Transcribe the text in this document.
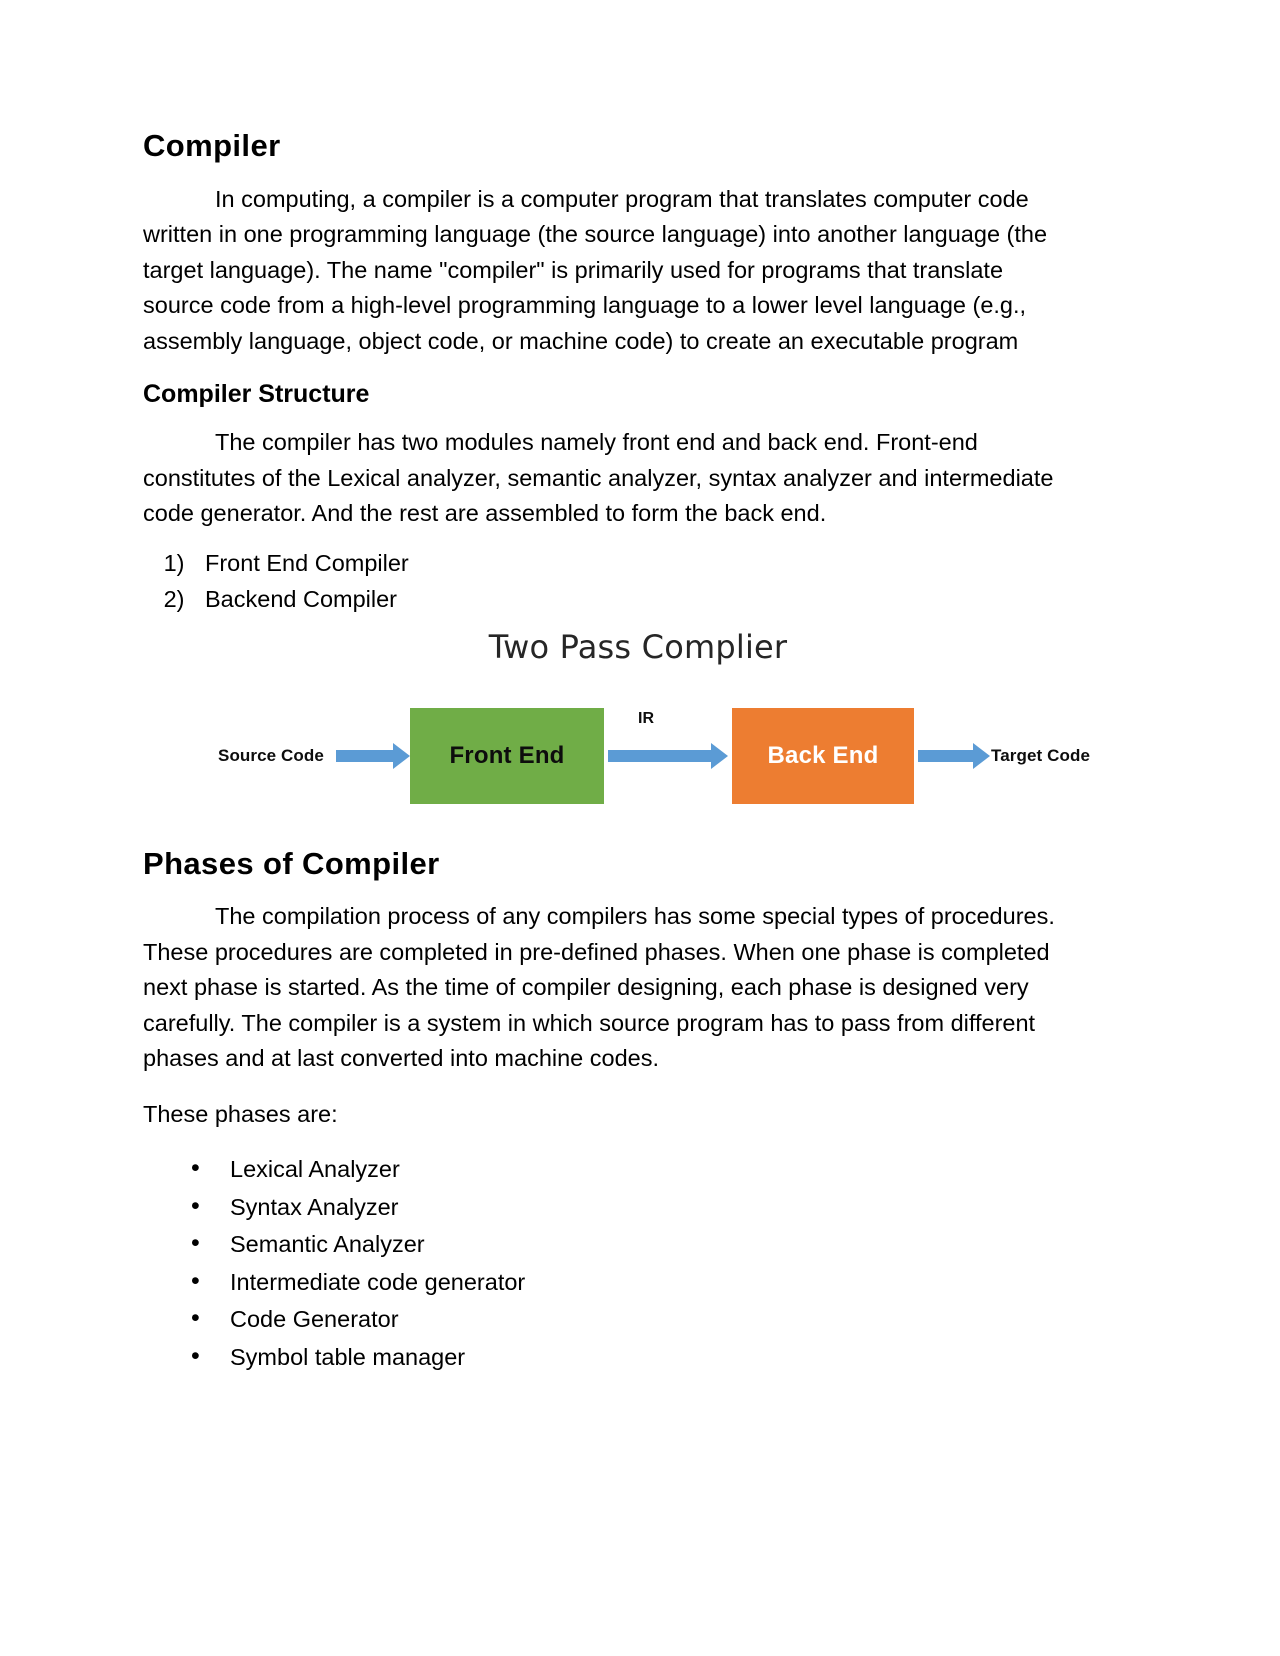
Compiler

In computing, a compiler is a computer program that translates computer code written in one programming language (the source language) into another language (the target language). The name "compiler" is primarily used for programs that translate source code from a high-level programming language to a lower level language (e.g., assembly language, object code, or machine code) to create an executable program

Compiler Structure

The compiler has two modules namely front end and back end. Front-end constitutes of the Lexical analyzer, semantic analyzer, syntax analyzer and intermediate code generator. And the rest are assembled to form the back end.

1. Front End Compiler
2. Backend Compiler
Two Pass Complier
Source Code	Front End
IR
Back End	Target Code
Phases of Compiler

The compilation process of any compilers has some special types of procedures. These procedures are completed in pre-defined phases. When one phase is completed next phase is started. As the time of compiler designing, each phase is designed very carefully. The compiler is a system in which source program has to pass from different phases and at last converted into machine codes.

These phases are:

• Lexical Analyzer
• Syntax Analyzer
• Semantic Analyzer
• Intermediate code generator
• Code Generator
• Symbol table manager
